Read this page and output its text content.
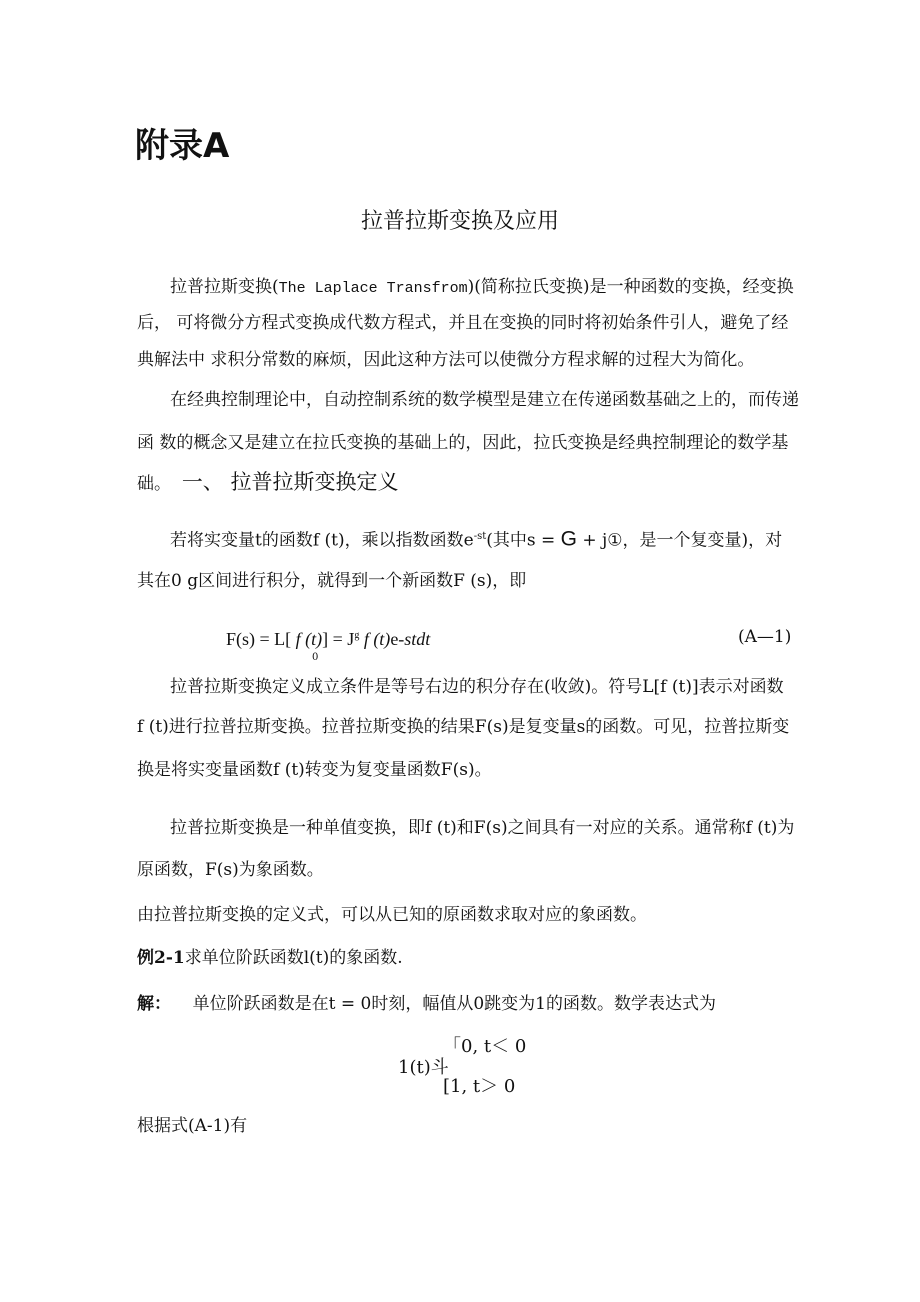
附录A
拉普拉斯变换及应用
拉普拉斯变换(The Laplace Transfrom)(简称拉氏变换)是一种函数的变换，经变换
后， 可将微分方程式变换成代数方程式，并且在变换的同时将初始条件引人，避免了经
典解法中 求积分常数的麻烦，因此这种方法可以使微分方程求解的过程大为简化。
在经典控制理论中，自动控制系统的数学模型是建立在传递函数基础之上的，而传递
函 数的概念又是建立在拉氏变换的基础上的，因此，拉氏变换是经典控制理论的数学基
础。 一、 拉普拉斯变换定义
若将实变量t的函数f (t)，乘以指数函数$e^{-st}$(其中s = G + j①，是一个复变量)，对
其在0 g区间进行积分，就得到一个新函数F (s)，即
F(s) = L[ f $(t)] = J^g$ f (t)e-stdt
0
(A—1)
拉普拉斯变换定义成立条件是等号右边的积分存在(收敛)。符号L[f (t)]表示对函数
f (t)进行拉普拉斯变换。拉普拉斯变换的结果F(s)是复变量s的函数。可见，拉普拉斯变
换是将实变量函数f (t)转变为复变量函数F(s)。
拉普拉斯变换是一种单值变换，即f (t)和F(s)之间具有一对应的关系。通常称f (t)为
原函数，F(s)为象函数。
由拉普拉斯变换的定义式，可以从已知的原函数求取对应的象函数。
例2-1求单位阶跃函数l(t)的象函数.
解： 单位阶跃函数是在t = 0时刻，幅值从0跳变为1的函数。数学表达式为
1(t)斗
「0, t＜ 0
[1, t＞ 0
根据式(A-1)有
